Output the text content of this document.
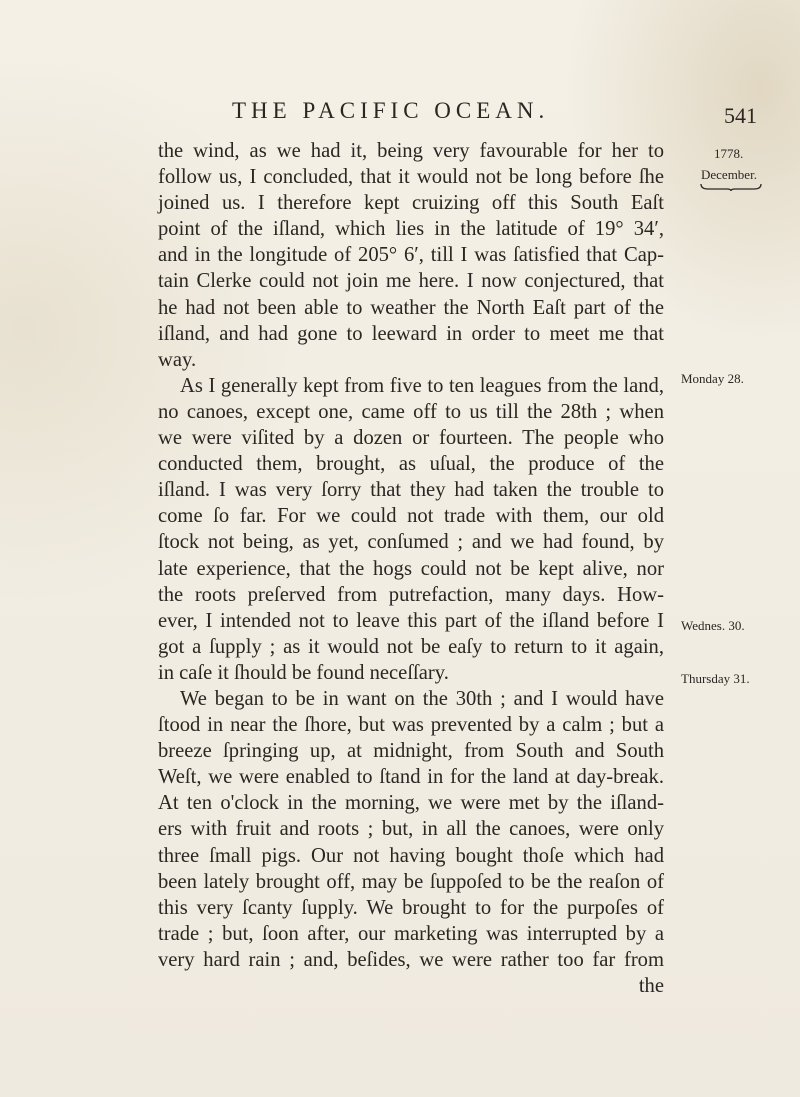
THE PACIFIC OCEAN.	541
1778.
December.
Monday 28.
Wednes. 30.
Thursday 31.
the wind, as we had it, being very favourable for her to
follow us, I concluded, that it would not be long before ſhe
joined us. I therefore kept cruizing off this South Eaſt
point of the iſland, which lies in the latitude of 19° 34′,
and in the longitude of 205° 6′, till I was ſatisfied that Cap-
tain Clerke could not join me here. I now conjectured, that
he had not been able to weather the North Eaſt part of the
iſland, and had gone to leeward in order to meet me that
way.
As I generally kept from five to ten leagues from the land,
no canoes, except one, came off to us till the 28th ; when
we were viſited by a dozen or fourteen. The people who
conducted them, brought, as uſual, the produce of the
iſland. I was very ſorry that they had taken the trouble to
come ſo far. For we could not trade with them, our old
ſtock not being, as yet, conſumed ; and we had found, by
late experience, that the hogs could not be kept alive, nor
the roots preſerved from putrefaction, many days. How-
ever, I intended not to leave this part of the iſland before I
got a ſupply ; as it would not be eaſy to return to it again,
in caſe it ſhould be found neceſſary.
We began to be in want on the 30th ; and I would have
ſtood in near the ſhore, but was prevented by a calm ; but a
breeze ſpringing up, at midnight, from South and South
Weſt, we were enabled to ſtand in for the land at day-break.
At ten o'clock in the morning, we were met by the iſland-
ers with fruit and roots ; but, in all the canoes, were only
three ſmall pigs. Our not having bought thoſe which had
been lately brought off, may be ſuppoſed to be the reaſon of
this very ſcanty ſupply. We brought to for the purpoſes of
trade ; but, ſoon after, our marketing was interrupted by a
very hard rain ; and, beſides, we were rather too far from
the
